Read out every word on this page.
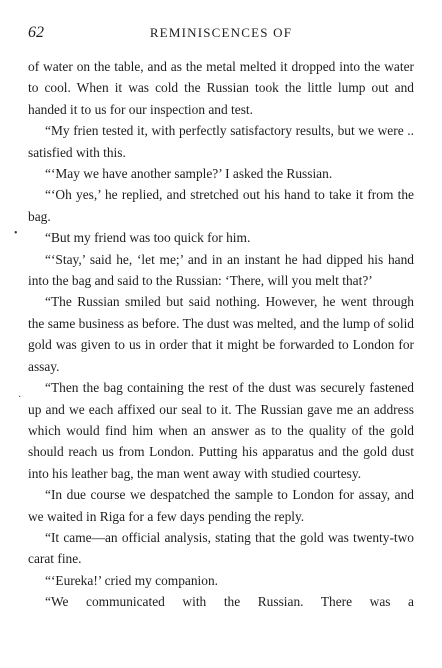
62	REMINISCENCES OF

of water on the table, and as the metal melted it dropped into the water to cool. When it was cold the Russian took the little lump out and handed it to us for our inspection and test.

“My frien tested it, with perfectly satisfactory results, but we were .. satisfied with this.

“‘May we have another sample?’ I asked the Russian.

“‘Oh yes,’ he replied, and stretched out his hand to take it from the bag.

“But my friend was too quick for him.

“‘Stay,’ said he, ‘let me;’ and in an instant he had dipped his hand into the bag and said to the Russian: ‘There, will you melt that?’

“The Russian smiled but said nothing. However, he went through the same business as before. The dust was melted, and the lump of solid gold was given to us in order that it might be forwarded to London for assay.

“Then the bag containing the rest of the dust was securely fastened up and we each affixed our seal to it. The Russian gave me an address which would find him when an answer as to the quality of the gold should reach us from London. Putting his apparatus and the gold dust into his leather bag, the man went away with studied courtesy.

“In due course we despatched the sample to London for assay, and we waited in Riga for a few days pending the reply.

“It came—an official analysis, stating that the gold was twenty-two carat fine.

“‘Eureka!’ cried my companion.

“We communicated with the Russian. There was a

•
·
